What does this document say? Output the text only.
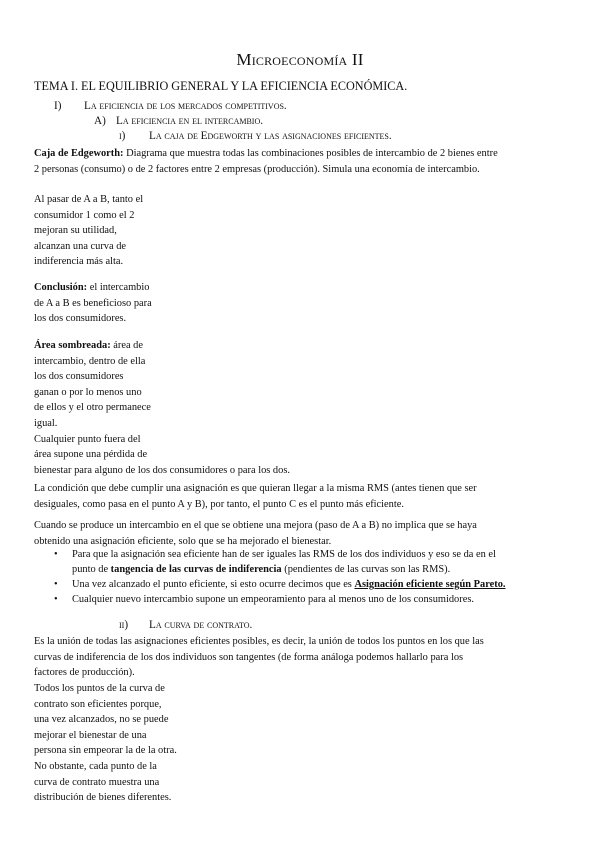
Microeconomía II
TEMA I. EL EQUILIBRIO GENERAL Y LA EFICIENCIA ECONÓMICA.
I) La eficiencia de los mercados competitivos.
A) La eficiencia en el intercambio.
i) La caja de Edgeworth y las asignaciones eficientes.
Caja de Edgeworth: Diagrama que muestra todas las combinaciones posibles de intercambio de 2 bienes entre
2 personas (consumo) o de 2 factores entre 2 empresas (producción). Simula una economía de intercambio.
Al pasar de A a B, tanto el
consumidor 1 como el 2
mejoran su utilidad,
alcanzan una curva de
indiferencia más alta.
Conclusión: el intercambio
de A a B es beneficioso para
los dos consumidores.
Área sombreada: área de
intercambio, dentro de ella
los dos consumidores
ganan o por lo menos uno
de ellos y el otro permanece
igual.
Cualquier punto fuera del
área supone una pérdida de
bienestar para alguno de los dos consumidores o para los dos.
La condición que debe cumplir una asignación es que quieran llegar a la misma RMS (antes tienen que ser
desiguales, como pasa en el punto A y B), por tanto, el punto C es el punto más eficiente.
Cuando se produce un intercambio en el que se obtiene una mejora (paso de A a B) no implica que se haya
obtenido una asignación eficiente, solo que se ha mejorado el bienestar.
• Para que la asignación sea eficiente han de ser iguales las RMS de los dos individuos y eso se da en el
punto de tangencia de las curvas de indiferencia (pendientes de las curvas son las RMS).
• Una vez alcanzado el punto eficiente, si esto ocurre decimos que es Asignación eficiente según Pareto.
• Cualquier nuevo intercambio supone un empeoramiento para al menos uno de los consumidores.
ii) La curva de contrato.
Es la unión de todas las asignaciones eficientes posibles, es decir, la unión de todos los puntos en los que las
curvas de indiferencia de los dos individuos son tangentes (de forma análoga podemos hallarlo para los
factores de producción).
Todos los puntos de la curva de
contrato son eficientes porque,
una vez alcanzados, no se puede
mejorar el bienestar de una
persona sin empeorar la de la otra.
No obstante, cada punto de la
curva de contrato muestra una
distribución de bienes diferentes.
